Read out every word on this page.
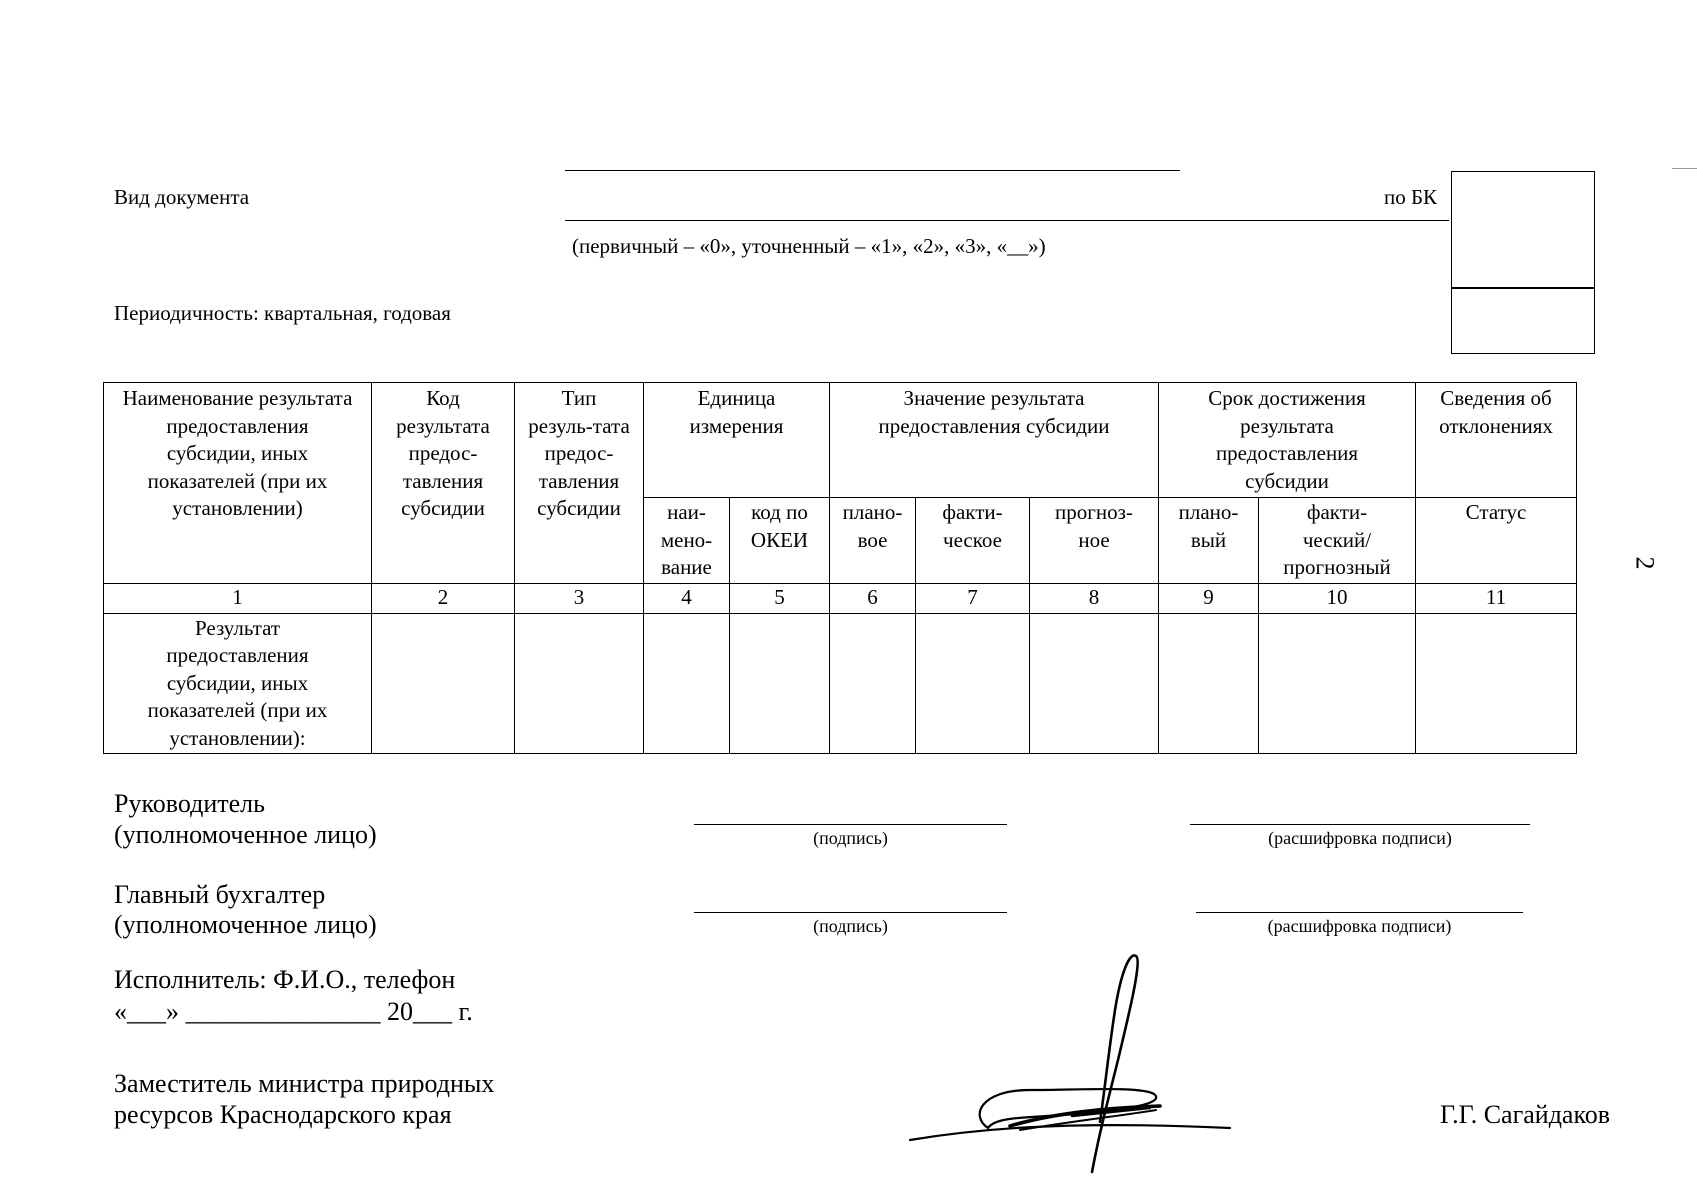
Вид документа	по БК
(первичный – «0», уточненный – «1», «2», «3», «__»)
Периодичность: квартальная, годовая
Наименование результата предоставления субсидии, иных показателей (при их установлении)	Код результата предос-тавления субсидии	Тип резуль-тата предос-тавления субсидии	Единица измерения		Значение результата предоставления субсидии			Срок достижения результата предоставления субсидии		Сведения об отклонениях
			наи-мено-вание	код по ОКЕИ	плано-вое	факти-ческое	прогноз-ное	плано-вый	факти-ческий/ прогнозный	Статус
1	2	3	4	5	6	7	8	9	10	11
Результат предоставления субсидии, иных показателей (при их установлении):										
Руководитель
(уполномоченное лицо)	(подпись)	(расшифровка подписи)
Главный бухгалтер
(уполномоченное лицо)	(подпись)	(расшифровка подписи)
Исполнитель: Ф.И.О., телефон
«___» _______________ 20___ г.
Заместитель министра природных
ресурсов Краснодарского края	Г.Г. Сагайдаков
2
